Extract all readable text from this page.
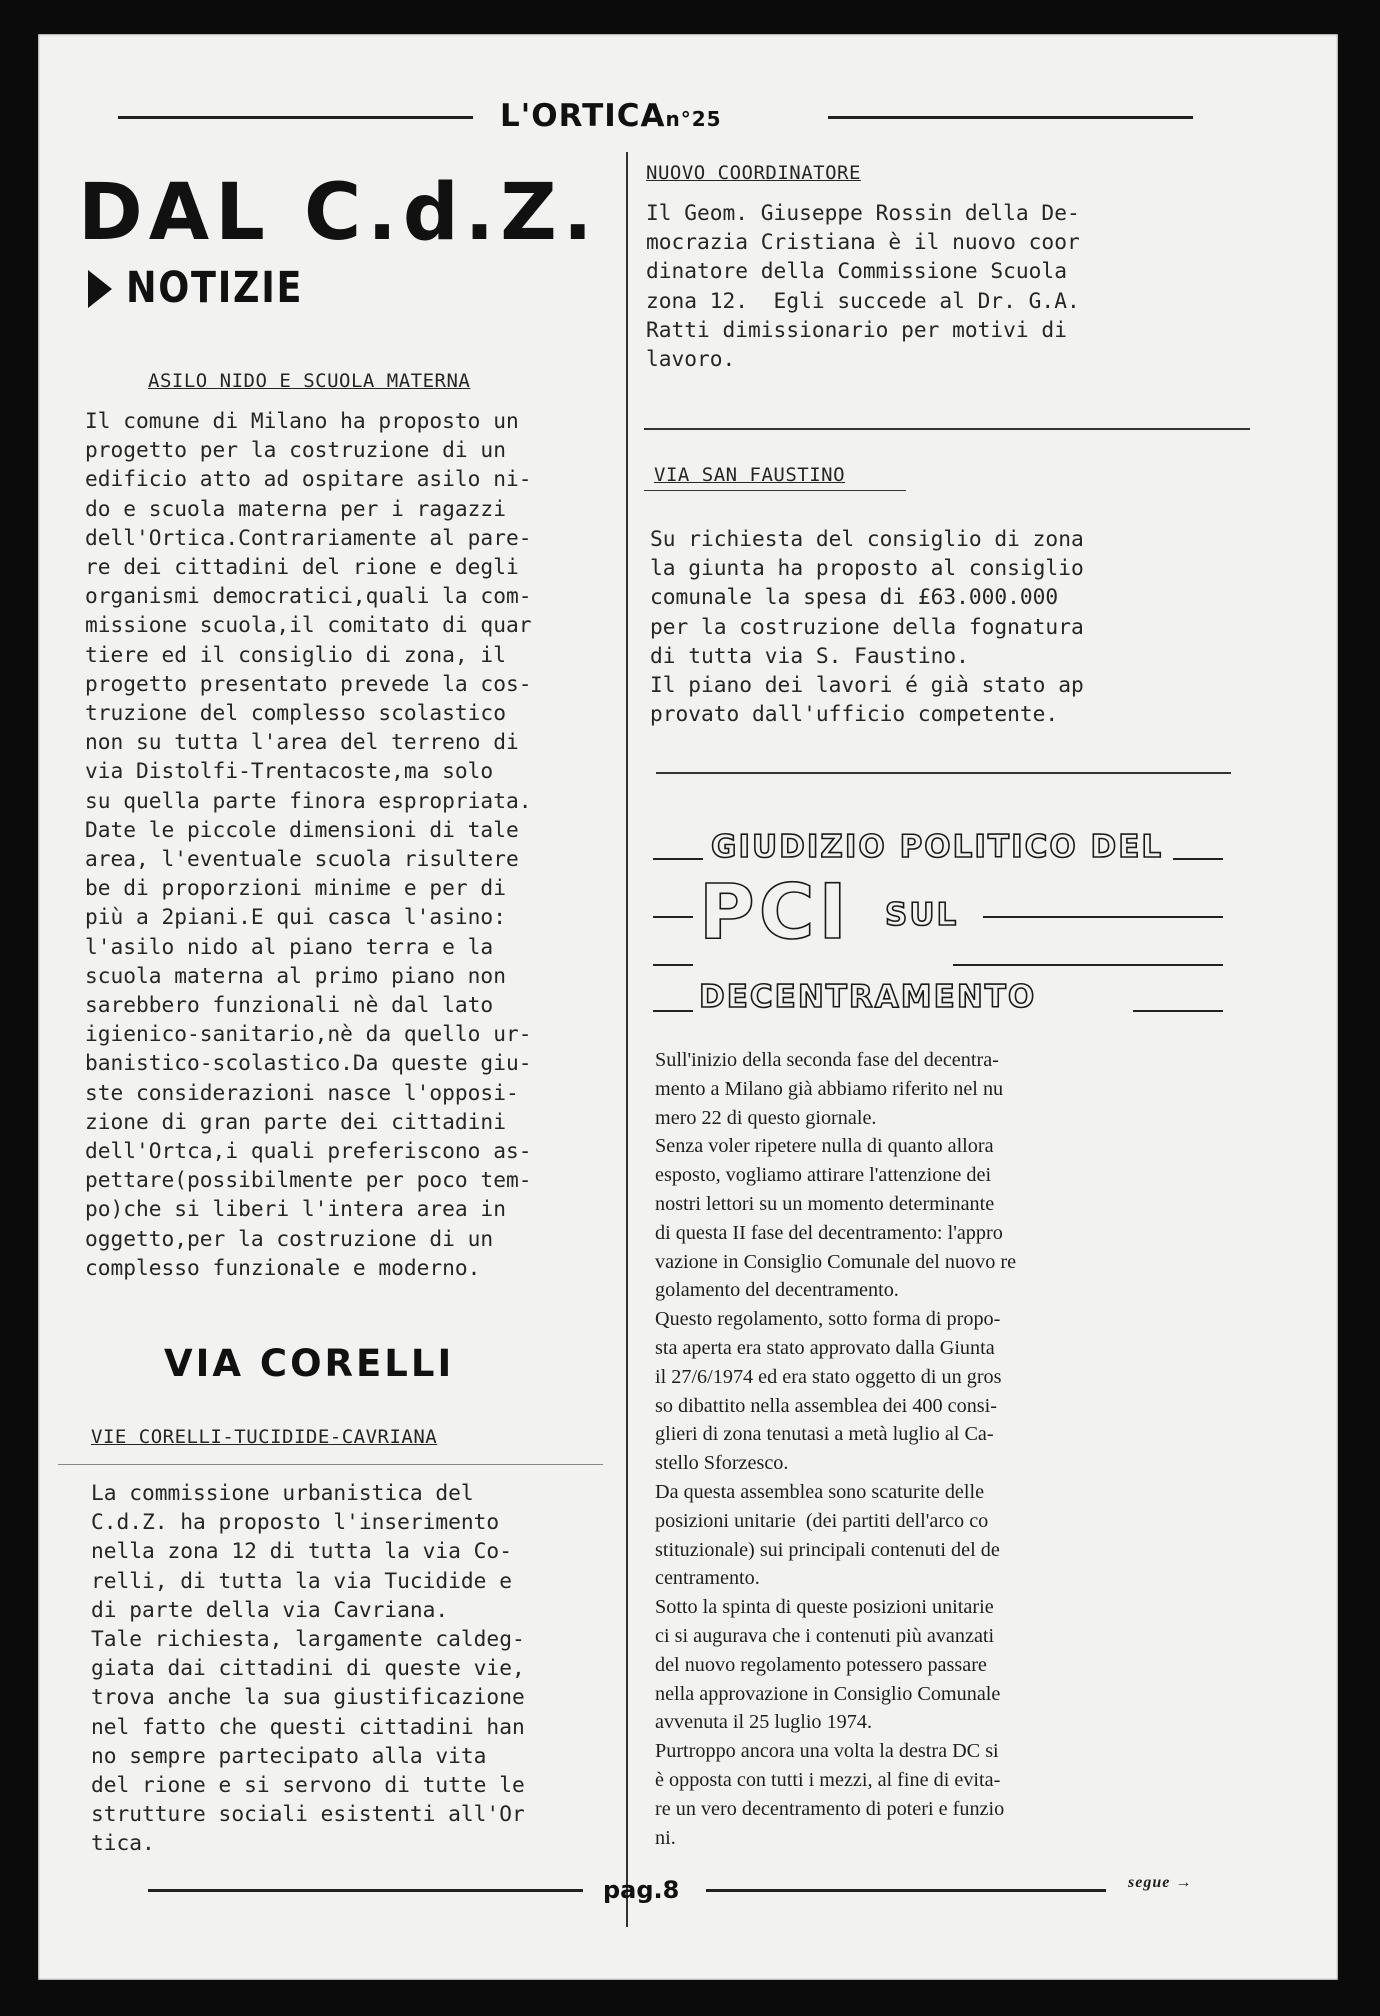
L'ORTICAn°25
DAL C.d.Z.
NOTIZIE
ASILO NIDO E SCUOLA MATERNA
Il comune di Milano ha proposto un
progetto per la costruzione di un
edificio atto ad ospitare asilo ni-
do e scuola materna per i ragazzi
dell'Ortica.Contrariamente al pare-
re dei cittadini del rione e degli
organismi democratici,quali la com-
missione scuola,il comitato di quar
tiere ed il consiglio di zona, il
progetto presentato prevede la cos-
truzione del complesso scolastico
non su tutta l'area del terreno di
via Distolfi-Trentacoste,ma solo
su quella parte finora espropriata.
Date le piccole dimensioni di tale
area, l'eventuale scuola risultere
be di proporzioni minime e per di
più a 2piani.E qui casca l'asino:
l'asilo nido al piano terra e la
scuola materna al primo piano non
sarebbero funzionali nè dal lato
igienico-sanitario,nè da quello ur-
banistico-scolastico.Da queste giu-
ste considerazioni nasce l'opposi-
zione di gran parte dei cittadini
dell'Ortca,i quali preferiscono as-
pettare(possibilmente per poco tem-
po)che si liberi l'intera area in
oggetto,per la costruzione di un
complesso funzionale e moderno.
VIA CORELLI
VIE CORELLI-TUCIDIDE-CAVRIANA
La commissione urbanistica del
C.d.Z. ha proposto l'inserimento
nella zona 12 di tutta la via Co-
relli, di tutta la via Tucidide e
di parte della via Cavriana.
Tale richiesta, largamente caldeg-
giata dai cittadini di queste vie,
trova anche la sua giustificazione
nel fatto che questi cittadini han
no sempre partecipato alla vita
del rione e si servono di tutte le
strutture sociali esistenti all'Or
tica.
NUOVO COORDINATORE
Il Geom. Giuseppe Rossin della De-
mocrazia Cristiana è il nuovo coor
dinatore della Commissione Scuola
zona 12.  Egli succede al Dr. G.A.
Ratti dimissionario per motivi di
lavoro.
VIA SAN FAUSTINO
Su richiesta del consiglio di zona
la giunta ha proposto al consiglio
comunale la spesa di £63.000.000
per la costruzione della fognatura
di tutta via S. Faustino.
Il piano dei lavori é già stato ap
provato dall'ufficio competente.
GIUDIZIO POLITICO DEL
PCI SUL
DECENTRAMENTO
Sull'inizio della seconda fase del decentra-
mento a Milano già abbiamo riferito nel nu
mero 22 di questo giornale.
Senza voler ripetere nulla di quanto allora
esposto, vogliamo attirare l'attenzione dei
nostri lettori su un momento determinante
di questa II fase del decentramento: l'appro
vazione in Consiglio Comunale del nuovo re
golamento del decentramento.
Questo regolamento, sotto forma di propo-
sta aperta era stato approvato dalla Giunta
il 27/6/1974 ed era stato oggetto di un gros
so dibattito nella assemblea dei 400 consi-
glieri di zona tenutasi a metà luglio al Ca-
stello Sforzesco.
Da questa assemblea sono scaturite delle
posizioni unitarie  (dei partiti dell'arco co
stituzionale) sui principali contenuti del de
centramento.
Sotto la spinta di queste posizioni unitarie
ci si augurava che i contenuti più avanzati
del nuovo regolamento potessero passare
nella approvazione in Consiglio Comunale
avvenuta il 25 luglio 1974.
Purtroppo ancora una volta la destra DC si
è opposta con tutti i mezzi, al fine di evita-
re un vero decentramento di poteri e funzio
ni.
pag.8	segue →
